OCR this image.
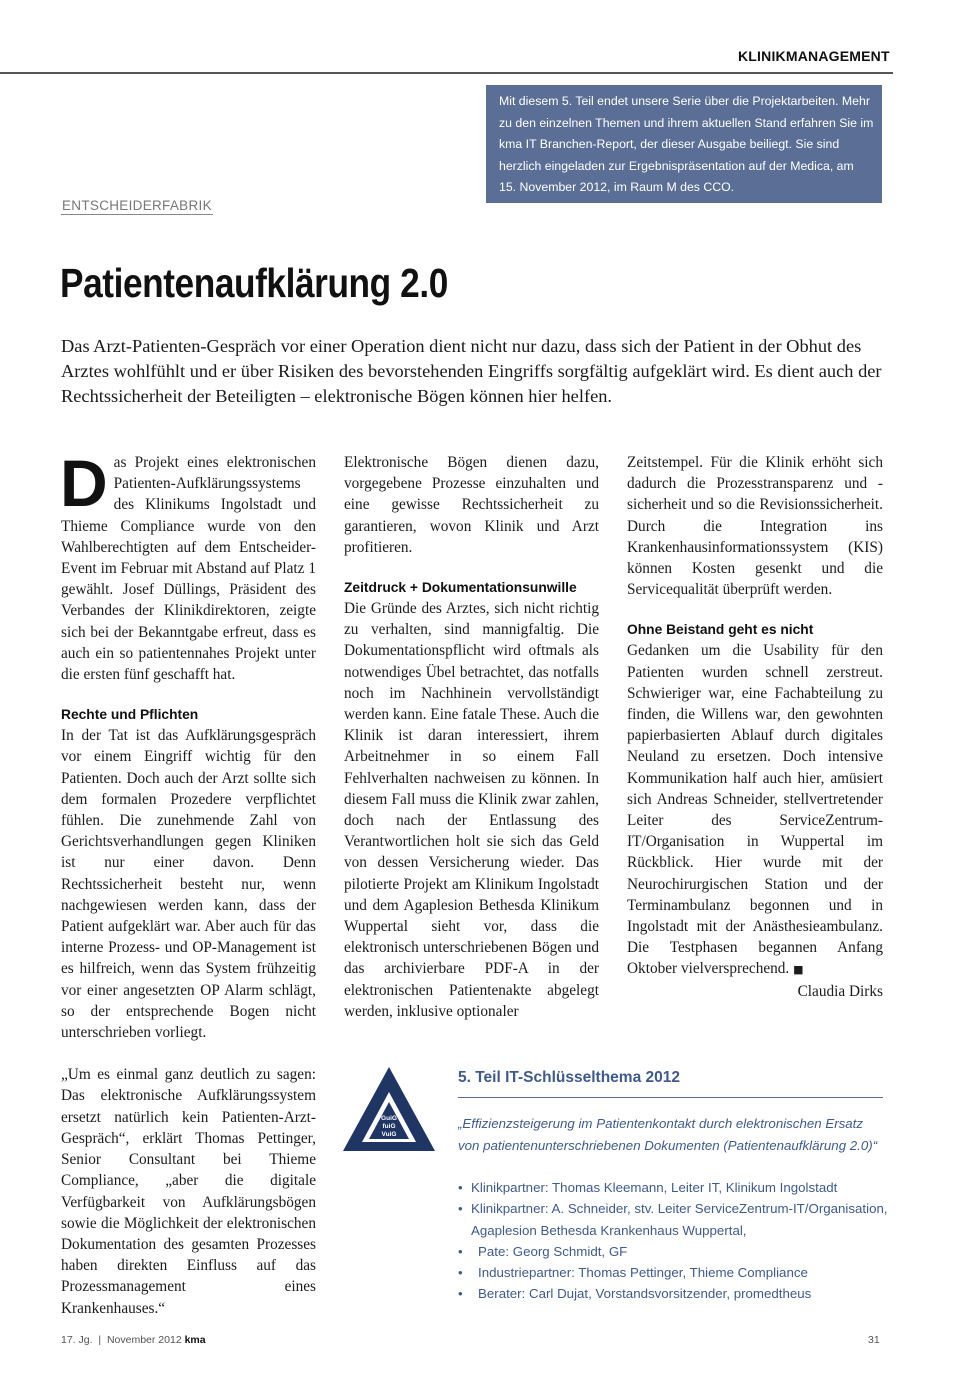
KLINIKMANAGEMENT
Mit diesem 5. Teil endet unsere Serie über die Projektarbeiten. Mehr zu den einzelnen Themen und ihrem aktuellen Stand erfahren Sie im kma IT Branchen-Report, der dieser Ausgabe beiliegt. Sie sind herzlich eingeladen zur Ergebnispräsentation auf der Medica, am 15. November 2012, im Raum M des CCO.
ENTSCHEIDERFABRIK
Patientenaufklärung 2.0
Das Arzt-Patienten-Gespräch vor einer Operation dient nicht nur dazu, dass sich der Patient in der Obhut des Arztes wohlfühlt und er über Risiken des bevorstehenden Eingriffs sorgfältig aufgeklärt wird. Es dient auch der Rechtssicherheit der Beteiligten – elektronische Bögen können hier helfen.

Das Projekt eines elektronischen Patienten-Aufklärungssystems des Klinikums Ingolstadt und Thieme Compliance wurde von den Wahlberechtigten auf dem Entscheider-Event im Februar mit Abstand auf Platz 1 gewählt. Josef Düllings, Präsident des Verbandes der Klinikdirektoren, zeigte sich bei der Bekanntgabe erfreut, dass es auch ein so patientennahes Projekt unter die ersten fünf geschafft hat.

Rechte und Pflichten

In der Tat ist das Aufklärungsgespräch vor einem Eingriff wichtig für den Patienten. Doch auch der Arzt sollte sich dem formalen Prozedere verpflichtet fühlen. Die zunehmende Zahl von Gerichtsverhandlungen gegen Kliniken ist nur einer davon. Denn Rechtssicherheit besteht nur, wenn nachgewiesen werden kann, dass der Patient aufgeklärt war. Aber auch für das interne Prozess- und OP-Management ist es hilfreich, wenn das System frühzeitig vor einer angesetzten OP Alarm schlägt, so der entsprechende Bogen nicht unterschrieben vorliegt.

„Um es einmal ganz deutlich zu sagen: Das elektronische Aufklärungssystem ersetzt natürlich kein Patienten-Arzt-Gespräch“, erklärt Thomas Pettinger, Senior Consultant bei Thieme Compliance, „aber die digitale Verfügbarkeit von Aufklärungsbögen sowie die Möglichkeit der elektronischen Dokumentation des gesamten Prozesses haben direkten Einfluss auf das Prozessmanagement eines Krankenhauses.“

Elektronische Bögen dienen dazu, vorgegebene Prozesse einzuhalten und eine gewisse Rechtssicherheit zu garantieren, wovon Klinik und Arzt profitieren.

Zeitdruck + Dokumentationsunwille

Die Gründe des Arztes, sich nicht richtig zu verhalten, sind mannigfaltig. Die Dokumentationspflicht wird oftmals als notwendiges Übel betrachtet, das notfalls noch im Nachhinein vervollständigt werden kann. Eine fatale These. Auch die Klinik ist daran interessiert, ihrem Arbeitnehmer in so einem Fall Fehlverhalten nachweisen zu können. In diesem Fall muss die Klinik zwar zahlen, doch nach der Entlassung des Verantwortlichen holt sie sich das Geld von dessen Versicherung wieder. Das pilotierte Projekt am Klinikum Ingolstadt und dem Agaplesion Bethesda Klinikum Wuppertal sieht vor, dass die elektronisch unterschriebenen Bögen und das archivierbare PDF-A in der elektronischen Patientenakte abgelegt werden, inklusive optionaler

Zeitstempel. Für die Klinik erhöht sich dadurch die Prozesstransparenz und -sicherheit und so die Revisionssicherheit. Durch die Integration ins Krankenhausinformationssystem (KIS) können Kosten gesenkt und die Servicequalität überprüft werden.

Ohne Beistand geht es nicht

Gedanken um die Usability für den Patienten wurden schnell zerstreut. Schwieriger war, eine Fachabteilung zu finden, die Willens war, den gewohnten papierbasierten Ablauf durch digitales Neuland zu ersetzen. Doch intensive Kommunikation half auch hier, amüsiert sich Andreas Schneider, stellvertretender Leiter des ServiceZentrum-IT/Organisation in Wuppertal im Rückblick. Hier wurde mit der Neurochirurgischen Station und der Terminambulanz begonnen und in Ingolstadt mit der Anästhesieambulanz. Die Testphasen begannen Anfang Oktober vielversprechend. ■

Claudia Dirks

GuiG
fuiG
VuiG
5. Teil IT-Schlüsselthema 2012
„Effizienzsteigerung im Patientenkontakt durch elektronischen Ersatz von patientenunterschriebenen Dokumenten (Patientenaufklärung 2.0)“
• Klinikpartner: Thomas Kleemann, Leiter IT, Klinikum Ingolstadt
• Klinikpartner: A. Schneider, stv. Leiter ServiceZentrum-IT/Organisation, Agaplesion Bethesda Krankenhaus Wuppertal,
• Pate: Georg Schmidt, GF
• Industriepartner: Thomas Pettinger, Thieme Compliance
• Berater: Carl Dujat, Vorstandsvorsitzender, promedtheus
17. Jg. | November 2012 kma	31
